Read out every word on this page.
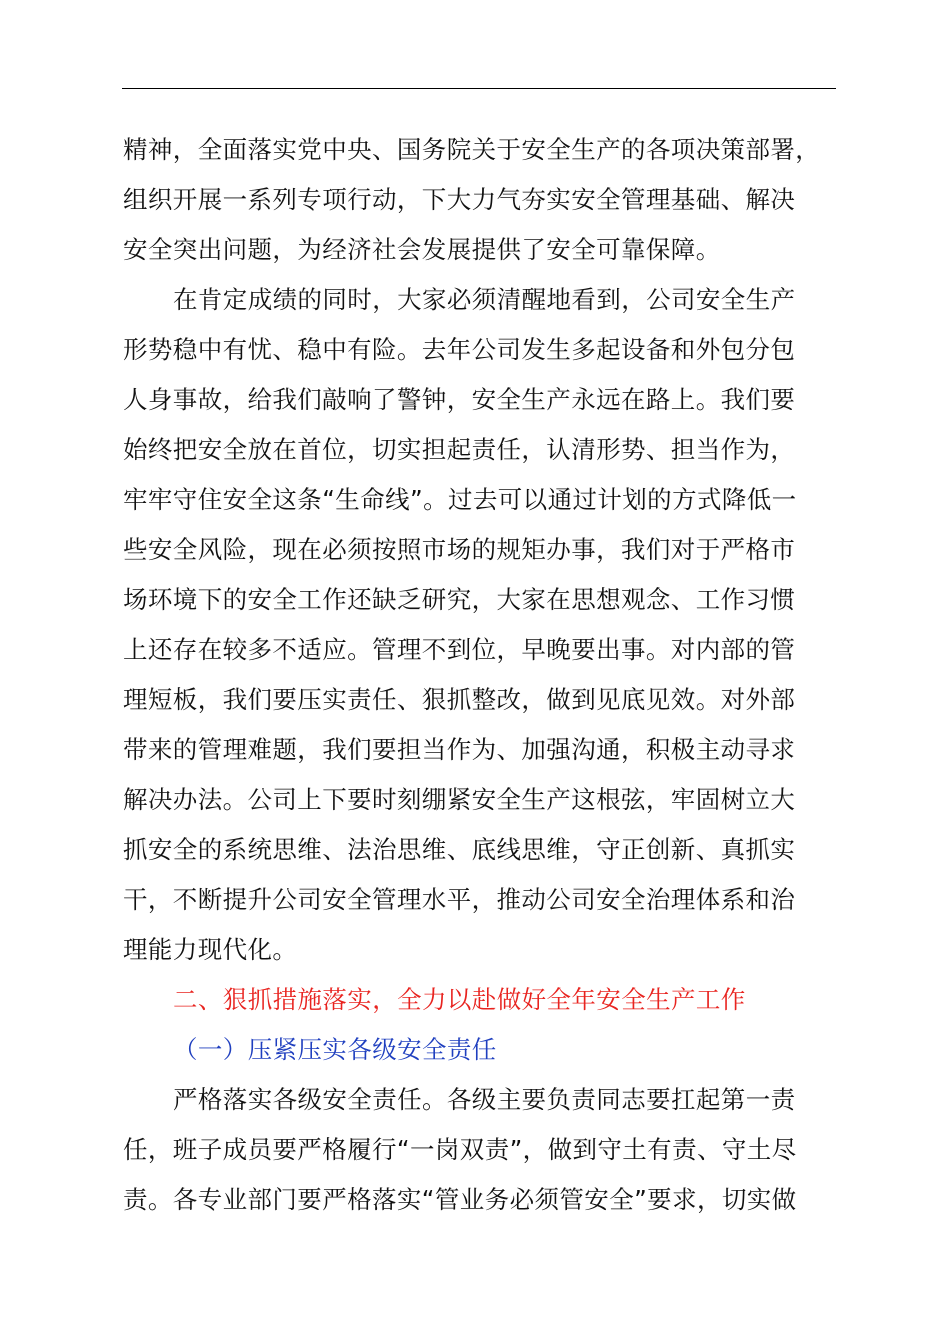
精神，全面落实党中央、国务院关于安全生产的各项决策部署，
组织开展一系列专项行动，下大力气夯实安全管理基础、解决
安全突出问题，为经济社会发展提供了安全可靠保障。
在肯定成绩的同时，大家必须清醒地看到，公司安全生产
形势稳中有忧、稳中有险。去年公司发生多起设备和外包分包
人身事故，给我们敲响了警钟，安全生产永远在路上。我们要
始终把安全放在首位，切实担起责任，认清形势、担当作为，
牢牢守住安全这条“生命线”。过去可以通过计划的方式降低一
些安全风险，现在必须按照市场的规矩办事，我们对于严格市
场环境下的安全工作还缺乏研究，大家在思想观念、工作习惯
上还存在较多不适应。管理不到位，早晚要出事。对内部的管
理短板，我们要压实责任、狠抓整改，做到见底见效。对外部
带来的管理难题，我们要担当作为、加强沟通，积极主动寻求
解决办法。公司上下要时刻绷紧安全生产这根弦，牢固树立大
抓安全的系统思维、法治思维、底线思维，守正创新、真抓实
干，不断提升公司安全管理水平，推动公司安全治理体系和治
理能力现代化。
二、狠抓措施落实，全力以赴做好全年安全生产工作
（一）压紧压实各级安全责任
严格落实各级安全责任。各级主要负责同志要扛起第一责
任，班子成员要严格履行“一岗双责”，做到守土有责、守土尽
责。各专业部门要严格落实“管业务必须管安全”要求，切实做
